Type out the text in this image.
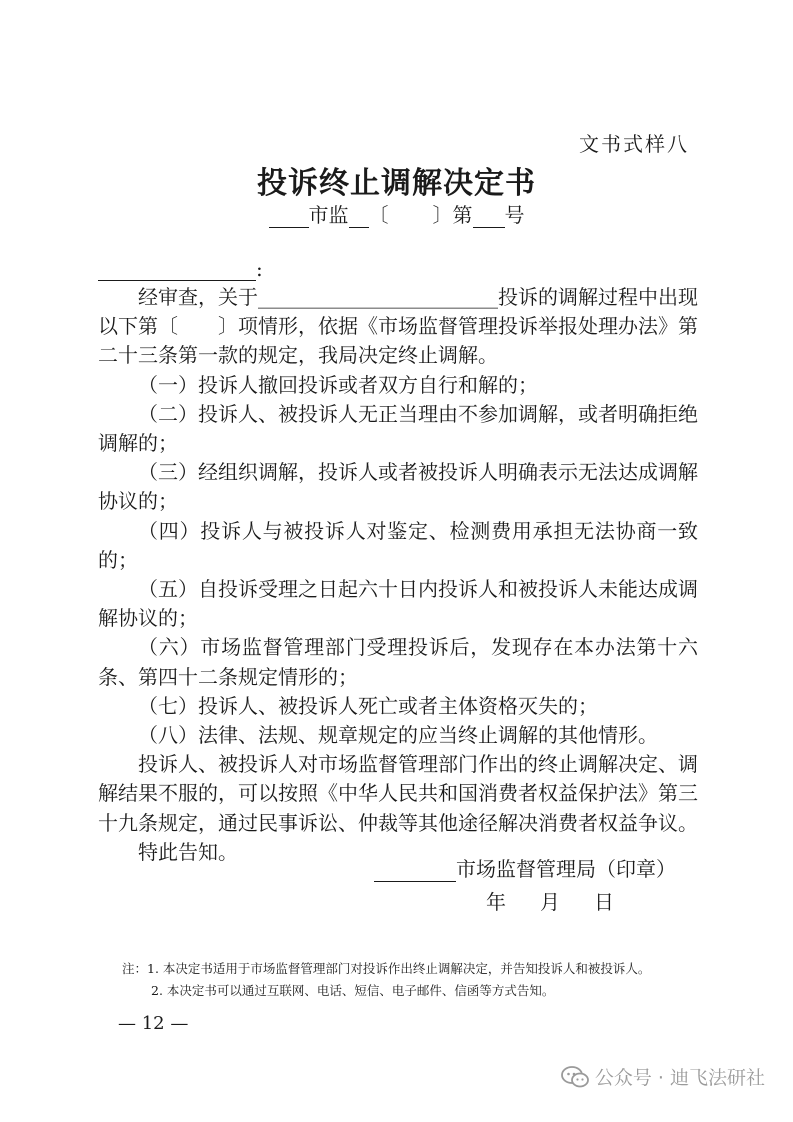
文书式样八
投诉终止调解决定书
市监 〔 〕第 号
:

经审查，关于________________________投诉的调解过程中出现以下第〔　　〕项情形，依据《市场监督管理投诉举报处理办法》第二十三条第一款的规定，我局决定终止调解。

（一）投诉人撤回投诉或者双方自行和解的；

（二）投诉人、被投诉人无正当理由不参加调解，或者明确拒绝调解的；

（三）经组织调解，投诉人或者被投诉人明确表示无法达成调解协议的；

（四）投诉人与被投诉人对鉴定、检测费用承担无法协商一致的；

（五）自投诉受理之日起六十日内投诉人和被投诉人未能达成调解协议的；

（六）市场监督管理部门受理投诉后，发现存在本办法第十六条、第四十二条规定情形的；

（七）投诉人、被投诉人死亡或者主体资格灭失的；

（八）法律、法规、规章规定的应当终止调解的其他情形。

投诉人、被投诉人对市场监督管理部门作出的终止调解决定、调解结果不服的，可以按照《中华人民共和国消费者权益保护法》第三十九条规定，通过民事诉讼、仲裁等其他途径解决消费者权益争议。

特此告知。

市场监督管理局（印章）
年 月 日
注：1. 本决定书适用于市场监督管理部门对投诉作出终止调解决定，并告知投诉人和被投诉人。
2. 本决定书可以通过互联网、电话、短信、电子邮件、信函等方式告知。
— 12 —
公众号 · 迪飞法研社
